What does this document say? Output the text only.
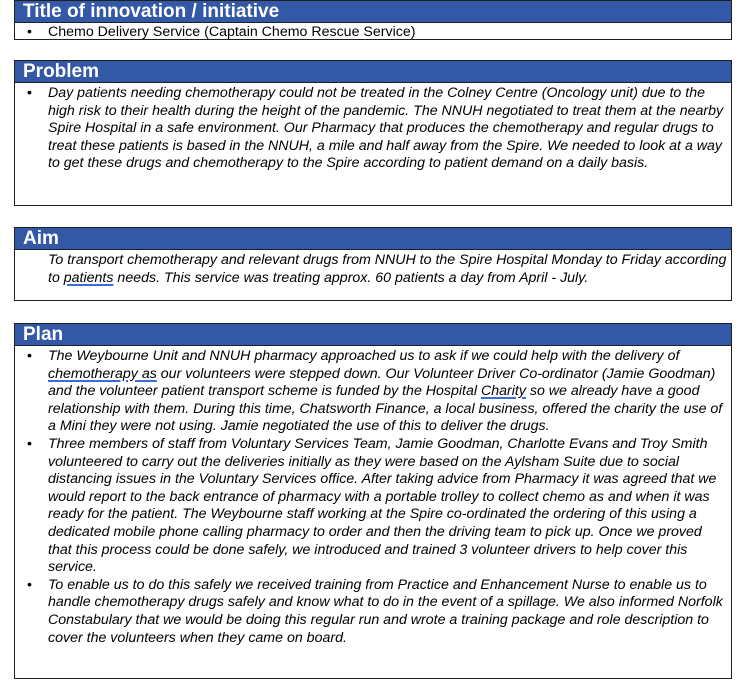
Title of innovation / initiative
•	Chemo Delivery Service (Captain Chemo Rescue Service)
Problem
•	Day patients needing chemotherapy could not be treated in the Colney Centre (Oncology unit) due to the high risk to their health during the height of the pandemic. The NNUH negotiated to treat them at the nearby Spire Hospital in a safe environment. Our Pharmacy that produces the chemotherapy and regular drugs to treat these patients is based in the NNUH, a mile and half away from the Spire. We needed to look at a way to get these drugs and chemotherapy to the Spire according to patient demand on a daily basis.
Aim
To transport chemotherapy and relevant drugs from NNUH to the Spire Hospital Monday to Friday according to patients needs. This service was treating approx. 60 patients a day from April - July.
Plan
•	The Weybourne Unit and NNUH pharmacy approached us to ask if we could help with the delivery of chemotherapy as our volunteers were stepped down. Our Volunteer Driver Co-ordinator (Jamie Goodman) and the volunteer patient transport scheme is funded by the Hospital Charity so we already have a good relationship with them. During this time, Chatsworth Finance, a local business, offered the charity the use of a Mini they were not using. Jamie negotiated the use of this to deliver the drugs.
•	Three members of staff from Voluntary Services Team, Jamie Goodman, Charlotte Evans and Troy Smith volunteered to carry out the deliveries initially as they were based on the Aylsham Suite due to social distancing issues in the Voluntary Services office. After taking advice from Pharmacy it was agreed that we would report to the back entrance of pharmacy with a portable trolley to collect chemo as and when it was ready for the patient. The Weybourne staff working at the Spire co-ordinated the ordering of this using a dedicated mobile phone calling pharmacy to order and then the driving team to pick up. Once we proved that this process could be done safely, we introduced and trained 3 volunteer drivers to help cover this service.
•	To enable us to do this safely we received training from Practice and Enhancement Nurse to enable us to handle chemotherapy drugs safely and know what to do in the event of a spillage. We also informed Norfolk Constabulary that we would be doing this regular run and wrote a training package and role description to cover the volunteers when they came on board.
